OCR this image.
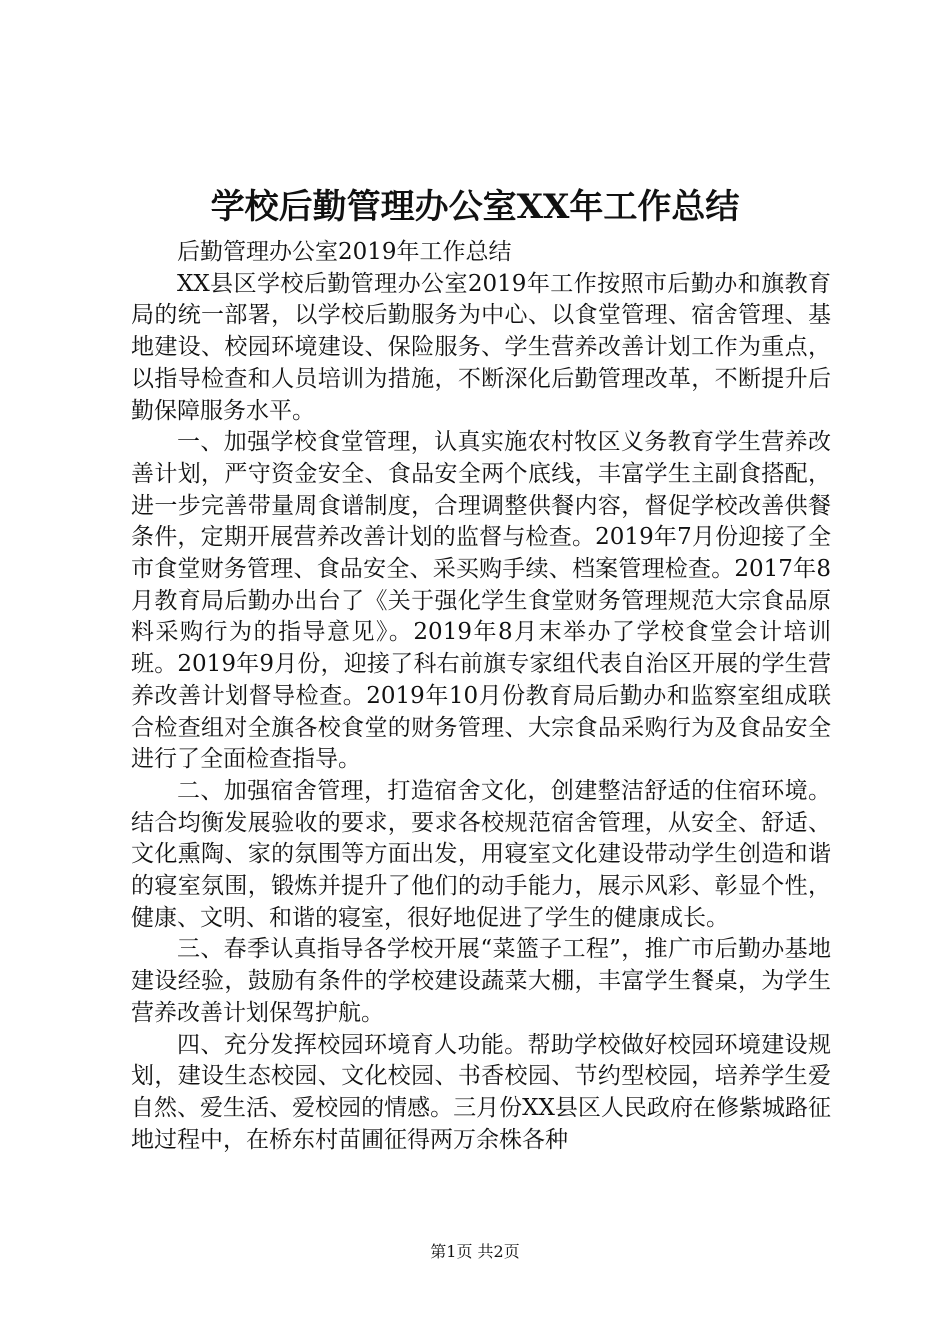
学校后勤管理办公室XX年工作总结

后勤管理办公室2019年工作总结

XX县区学校后勤管理办公室2019年工作按照市后勤办和旗教育局的统一部署，以学校后勤服务为中心、以食堂管理、宿舍管理、基地建设、校园环境建设、保险服务、学生营养改善计划工作为重点，以指导检查和人员培训为措施，不断深化后勤管理改革，不断提升后勤保障服务水平。

一、加强学校食堂管理，认真实施农村牧区义务教育学生营养改善计划，严守资金安全、食品安全两个底线，丰富学生主副食搭配，进一步完善带量周食谱制度，合理调整供餐内容，督促学校改善供餐条件，定期开展营养改善计划的监督与检查。2019年7月份迎接了全市食堂财务管理、食品安全、采买购手续、档案管理检查。2017年8月教育局后勤办出台了《关于强化学生食堂财务管理规范大宗食品原料采购行为的指导意见》。2019年8月末举办了学校食堂会计培训班。2019年9月份，迎接了科右前旗专家组代表自治区开展的学生营养改善计划督导检查。2019年10月份教育局后勤办和监察室组成联合检查组对全旗各校食堂的财务管理、大宗食品采购行为及食品安全进行了全面检查指导。

二、加强宿舍管理，打造宿舍文化，创建整洁舒适的住宿环境。结合均衡发展验收的要求，要求各校规范宿舍管理，从安全、舒适、文化熏陶、家的氛围等方面出发，用寝室文化建设带动学生创造和谐的寝室氛围，锻炼并提升了他们的动手能力，展示风彩、彰显个性，健康、文明、和谐的寝室，很好地促进了学生的健康成长。

三、春季认真指导各学校开展“菜篮子工程”，推广市后勤办基地建设经验，鼓励有条件的学校建设蔬菜大棚，丰富学生餐桌，为学生营养改善计划保驾护航。

四、充分发挥校园环境育人功能。帮助学校做好校园环境建设规划，建设生态校园、文化校园、书香校园、节约型校园，培养学生爱自然、爱生活、爱校园的情感。三月份XX县区人民政府在修紫城路征地过程中，在桥东村苗圃征得两万余株各种

第1页 共2页
